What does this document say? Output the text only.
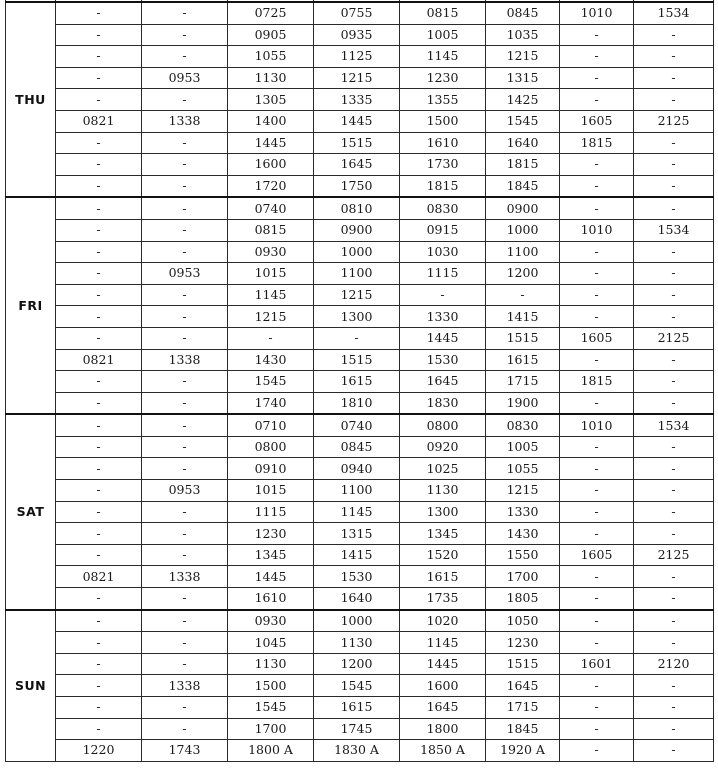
THU	-	-	0725	0755	0815	0845	1010	1534
	-	-	0905	0935	1005	1035	-	-
	-	-	1055	1125	1145	1215	-	-
	-	0953	1130	1215	1230	1315	-	-
	-	-	1305	1335	1355	1425	-	-
	0821	1338	1400	1445	1500	1545	1605	2125
	-	-	1445	1515	1610	1640	1815	-
	-	-	1600	1645	1730	1815	-	-
	-	-	1720	1750	1815	1845	-	-
FRI	-	-	0740	0810	0830	0900	-	-
	-	-	0815	0900	0915	1000	1010	1534
	-	-	0930	1000	1030	1100	-	-
	-	0953	1015	1100	1115	1200	-	-
	-	-	1145	1215	-	-	-	-
	-	-	1215	1300	1330	1415	-	-
	-	-	-	-	1445	1515	1605	2125
	0821	1338	1430	1515	1530	1615	-	-
	-	-	1545	1615	1645	1715	1815	-
	-	-	1740	1810	1830	1900	-	-
SAT	-	-	0710	0740	0800	0830	1010	1534
	-	-	0800	0845	0920	1005	-	-
	-	-	0910	0940	1025	1055	-	-
	-	0953	1015	1100	1130	1215	-	-
	-	-	1115	1145	1300	1330	-	-
	-	-	1230	1315	1345	1430	-	-
	-	-	1345	1415	1520	1550	1605	2125
	0821	1338	1445	1530	1615	1700	-	-
	-	-	1610	1640	1735	1805	-	-
SUN	-	-	0930	1000	1020	1050	-	-
	-	-	1045	1130	1145	1230	-	-
	-	-	1130	1200	1445	1515	1601	2120
	-	1338	1500	1545	1600	1645	-	-
	-	-	1545	1615	1645	1715	-	-
	-	-	1700	1745	1800	1845	-	-
	1220	1743	1800 A	1830 A	1850 A	1920 A	-	-
